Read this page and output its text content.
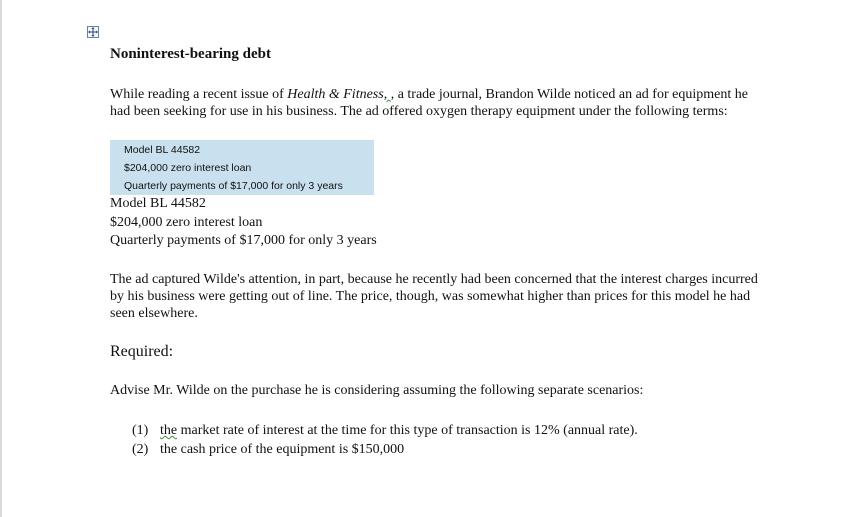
Noninterest-bearing debt
While reading a recent issue of Health & Fitness, , a trade journal, Brandon Wilde noticed an ad for equipment he had been seeking for use in his business. The ad offered oxygen therapy equipment under the following terms:
Model BL 44582
$204,000 zero interest loan
Quarterly payments of $17,000 for only 3 years
Model BL 44582
$204,000 zero interest loan
Quarterly payments of $17,000 for only 3 years
The ad captured Wilde's attention, in part, because he recently had been concerned that the interest charges incurred by his business were getting out of line. The price, though, was somewhat higher than prices for this model he had seen elsewhere.
Required:
Advise Mr. Wilde on the purchase he is considering assuming the following separate scenarios:
(1) the market rate of interest at the time for this type of transaction is 12% (annual rate).
(2) the cash price of the equipment is $150,000
